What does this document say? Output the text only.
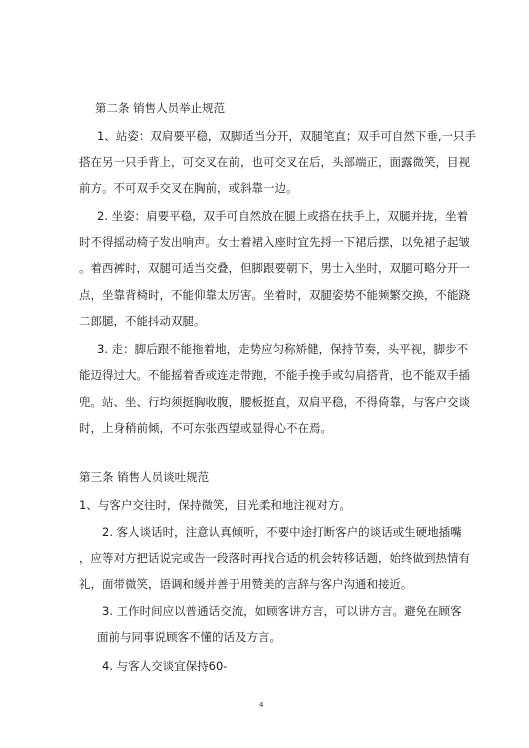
第二条 销售人员举止规范
1、站姿：双肩要平稳，双脚适当分开，双腿笔直；双手可自然下垂,一只手
搭在另一只手背上，可交叉在前，也可交叉在后，头部端正，面露微笑，目视
前方。不可双手交叉在胸前，或斜靠一边。
2. 坐姿：肩要平稳，双手可自然放在腿上或搭在扶手上，双腿并拢，坐着
时不得摇动椅子发出响声。女士着裙入座时宜先捋一下裙后摆，以免裙子起皱
。着西裤时，双腿可适当交叠，但脚跟要朝下，男士入坐时，双腿可略分开一
点，坐靠背椅时，不能仰靠太厉害。坐着时，双腿姿势不能频繁交换，不能跷
二郎腿，不能抖动双腿。
3. 走：脚后跟不能拖着地，走势应匀称矫健，保持节奏，头平视，脚步不
能迈得过大。不能摇着香或连走带跑，不能手挽手或勾肩搭背，也不能双手插
兜。站、坐、行均须挺胸收腹，腰板挺直，双肩平稳，不得倚靠，与客户交谈
时，上身稍前倾，不可东张西望或显得心不在焉。
第三条 销售人员谈吐规范
1、与客户交往时，保持微笑，目光柔和地注视对方。
2. 客人谈话时，注意认真倾听，不要中途打断客户的谈话或生硬地插嘴
，应等对方把话说完或告一段落时再找合适的机会转移话题，始终做到热情有
礼，面带微笑，语调和缓并善于用赞美的言辞与客户沟通和接近。
3. 工作时间应以普通话交流，如顾客讲方言，可以讲方言。避免在顾客
面前与同事说顾客不懂的话及方言。
4. 与客人交谈宜保持60-
4
